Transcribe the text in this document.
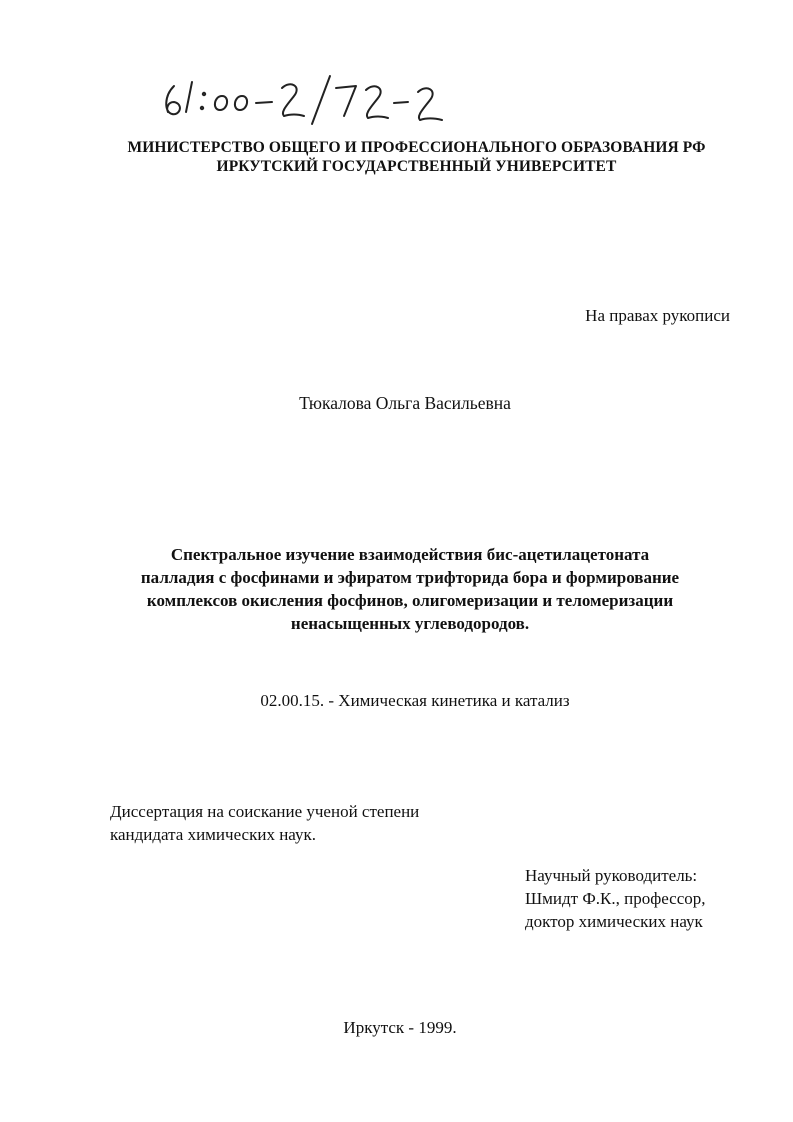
МИНИСТЕРСТВО ОБЩЕГО И ПРОФЕССИОНАЛЬНОГО ОБРАЗОВАНИЯ РФ
ИРКУТСКИЙ ГОСУДАРСТВЕННЫЙ УНИВЕРСИТЕТ
На правах рукописи
Тюкалова Ольга Васильевна
Спектральное изучение взаимодействия бис-ацетилацетоната
палладия с фосфинами и эфиратом трифторида бора и формирование
комплексов окисления фосфинов, олигомеризации и теломеризации
ненасыщенных углеводородов.
02.00.15. - Химическая кинетика и катализ
Диссертация на соискание ученой степени
кандидата химических наук.
Научный руководитель:
Шмидт Ф.К., профессор,
доктор химических наук
Иркутск - 1999.
